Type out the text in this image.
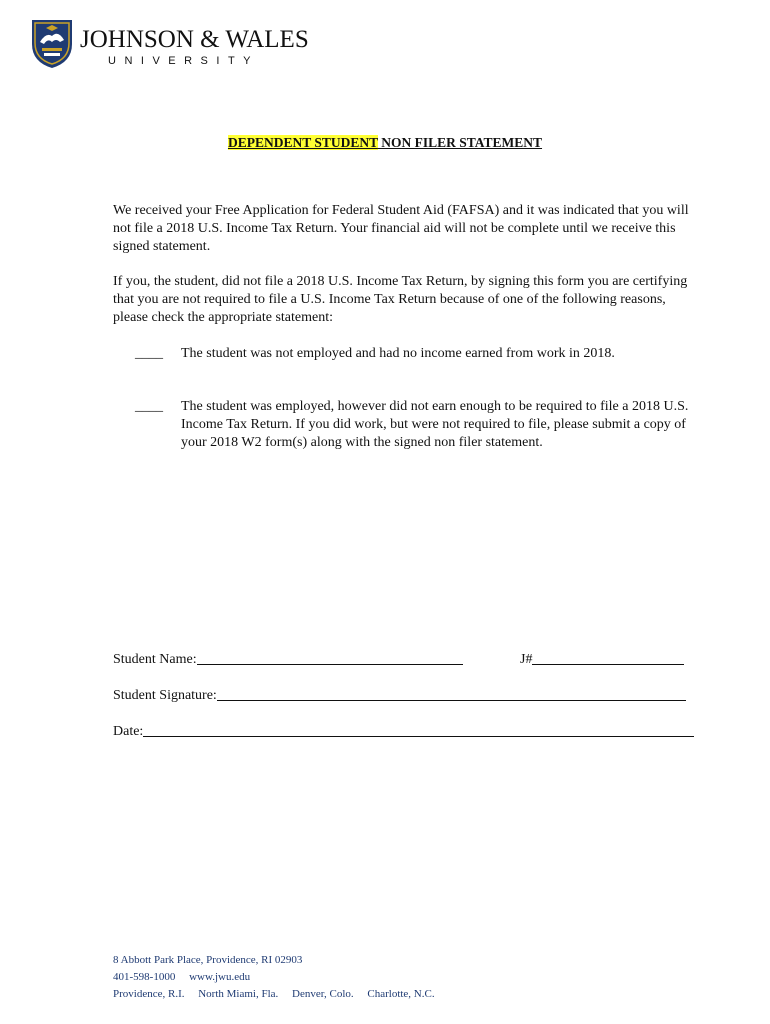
JOHNSON & WALES
UNIVERSITY
DEPENDENT STUDENT NON FILER STATEMENT

We received your Free Application for Federal Student Aid (FAFSA) and it was indicated that you will not file a 2018 U.S. Income Tax Return. Your financial aid will not be complete until we receive this signed statement.

If you, the student, did not file a 2018 U.S. Income Tax Return, by signing this form you are certifying that you are not required to file a U.S. Income Tax Return because of one of the following reasons, please check the appropriate statement:

____ The student was not employed and had no income earned from work in 2018.
____ The student was employed, however did not earn enough to be required to file a 2018 U.S. Income Tax Return. If you did work, but were not required to file, please submit a copy of your 2018 W2 form(s) along with the signed non filer statement.
Student Name:	J#
Student Signature:
Date:
8 Abbott Park Place, Providence, RI 02903
401-598-1000 www.jwu.edu
Providence, R.I. North Miami, Fla. Denver, Colo. Charlotte, N.C.
